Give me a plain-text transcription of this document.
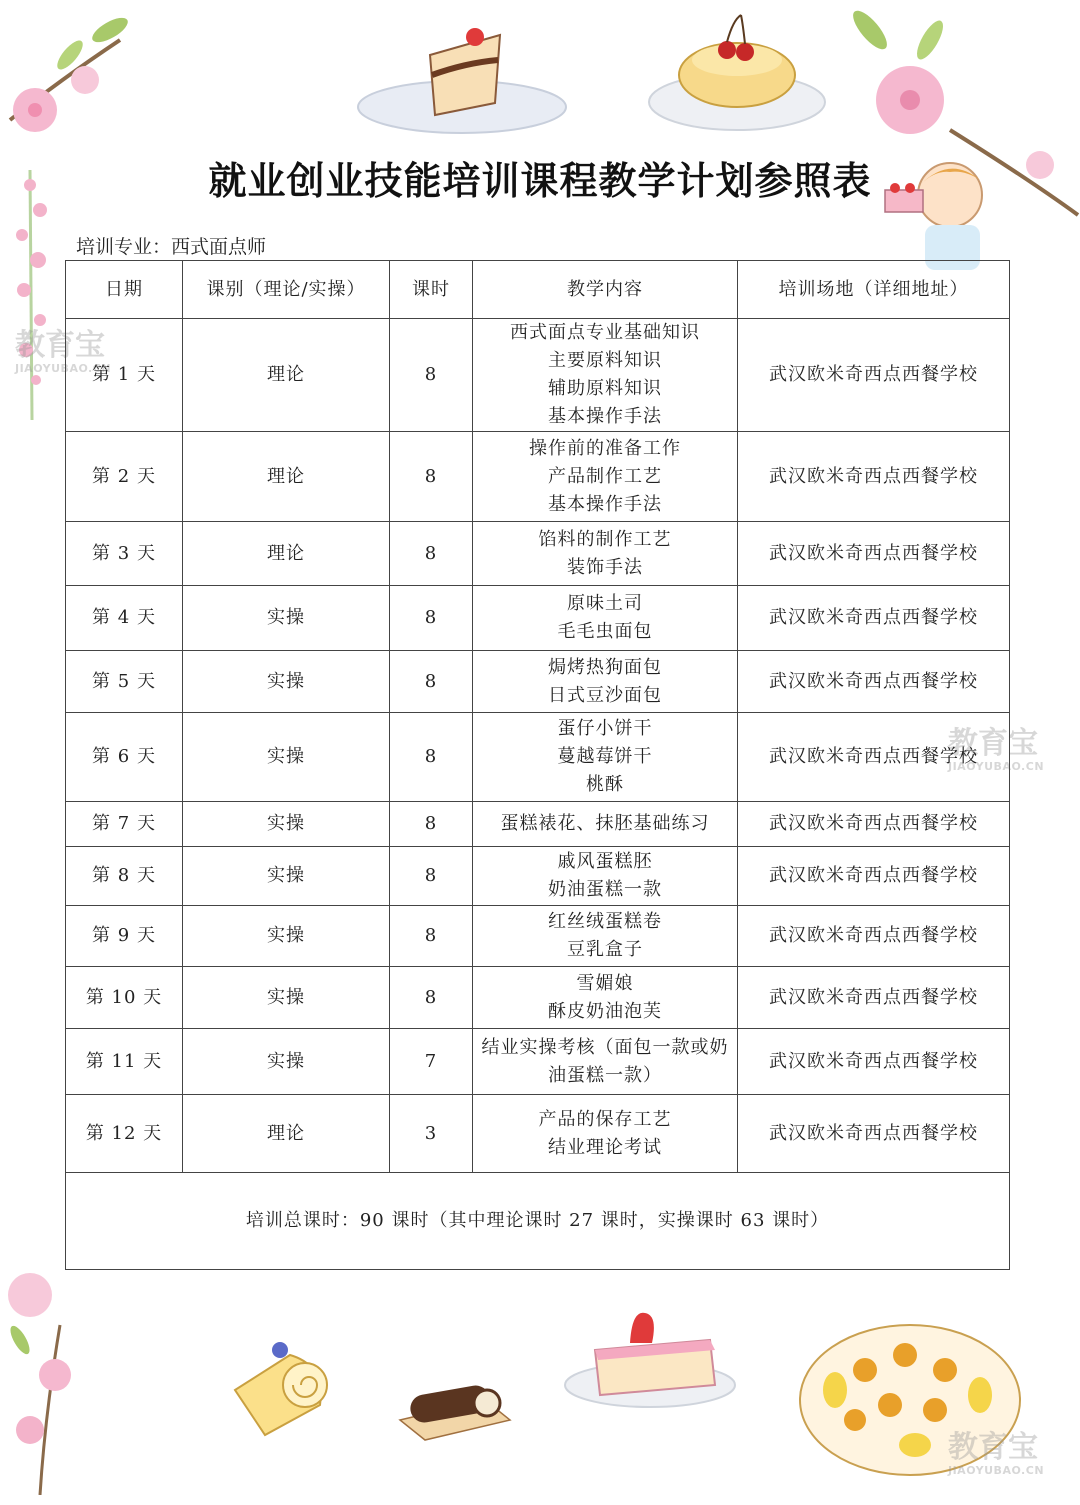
教育宝
JIAOYUBAO.CN
教育宝
JIAOYUBAO.CN
教育宝
JIAOYUBAO.CN
就业创业技能培训课程教学计划参照表
培训专业：西式面点师
日期	课别（理论/实操）	课时	教学内容	培训场地（详细地址）
第 1 天	理论	8	西式面点专业基础知识
主要原料知识
辅助原料知识
基本操作手法	武汉欧米奇西点西餐学校
第 2 天	理论	8	操作前的准备工作
产品制作工艺
基本操作手法	武汉欧米奇西点西餐学校
第 3 天	理论	8	馅料的制作工艺
装饰手法	武汉欧米奇西点西餐学校
第 4 天	实操	8	原味土司
毛毛虫面包	武汉欧米奇西点西餐学校
第 5 天	实操	8	焗烤热狗面包
日式豆沙面包	武汉欧米奇西点西餐学校
第 6 天	实操	8	蛋仔小饼干
蔓越莓饼干
桃酥	武汉欧米奇西点西餐学校
第 7 天	实操	8	蛋糕裱花、抹胚基础练习	武汉欧米奇西点西餐学校
第 8 天	实操	8	戚风蛋糕胚
奶油蛋糕一款	武汉欧米奇西点西餐学校
第 9 天	实操	8	红丝绒蛋糕卷
豆乳盒子	武汉欧米奇西点西餐学校
第 10 天	实操	8	雪媚娘
酥皮奶油泡芙	武汉欧米奇西点西餐学校
第 11 天	实操	7	结业实操考核（面包一款或奶
油蛋糕一款）	武汉欧米奇西点西餐学校
第 12 天	理论	3	产品的保存工艺
结业理论考试	武汉欧米奇西点西餐学校
培训总课时：90 课时（其中理论课时 27 课时，实操课时 63 课时）				
